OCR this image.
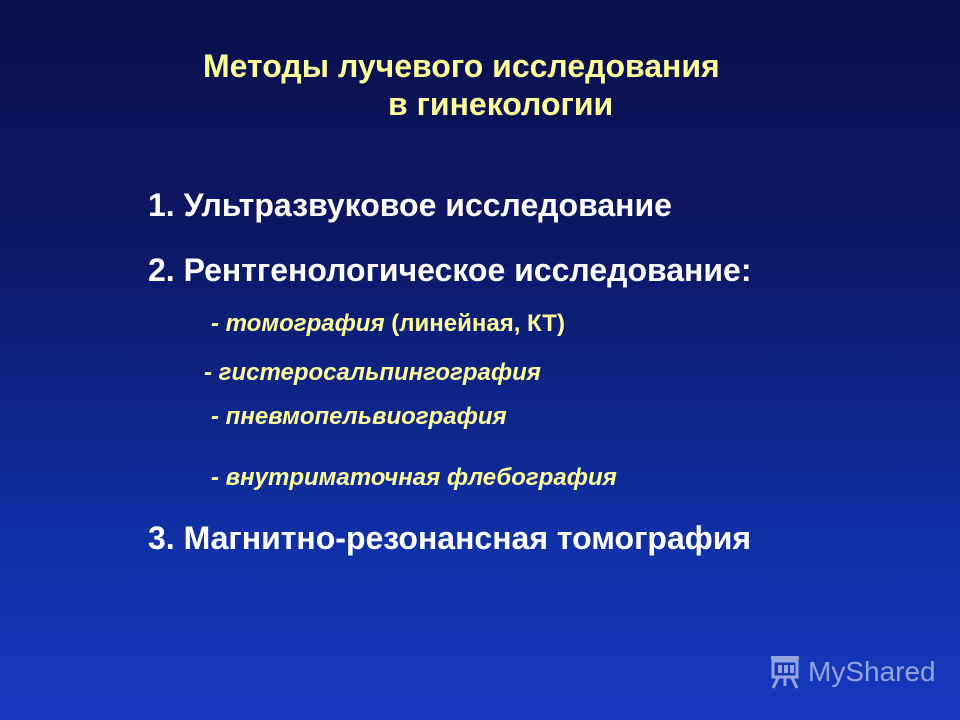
Методы лучевого исследования
в гинекологии
1. Ультразвуковое исследование
2. Рентгенологическое исследование:
- томография (линейная, КТ)
- гистеросальпингография
- пневмопельвиография
- внутриматочная флебография
3. Магнитно-резонансная томография
MyShared
